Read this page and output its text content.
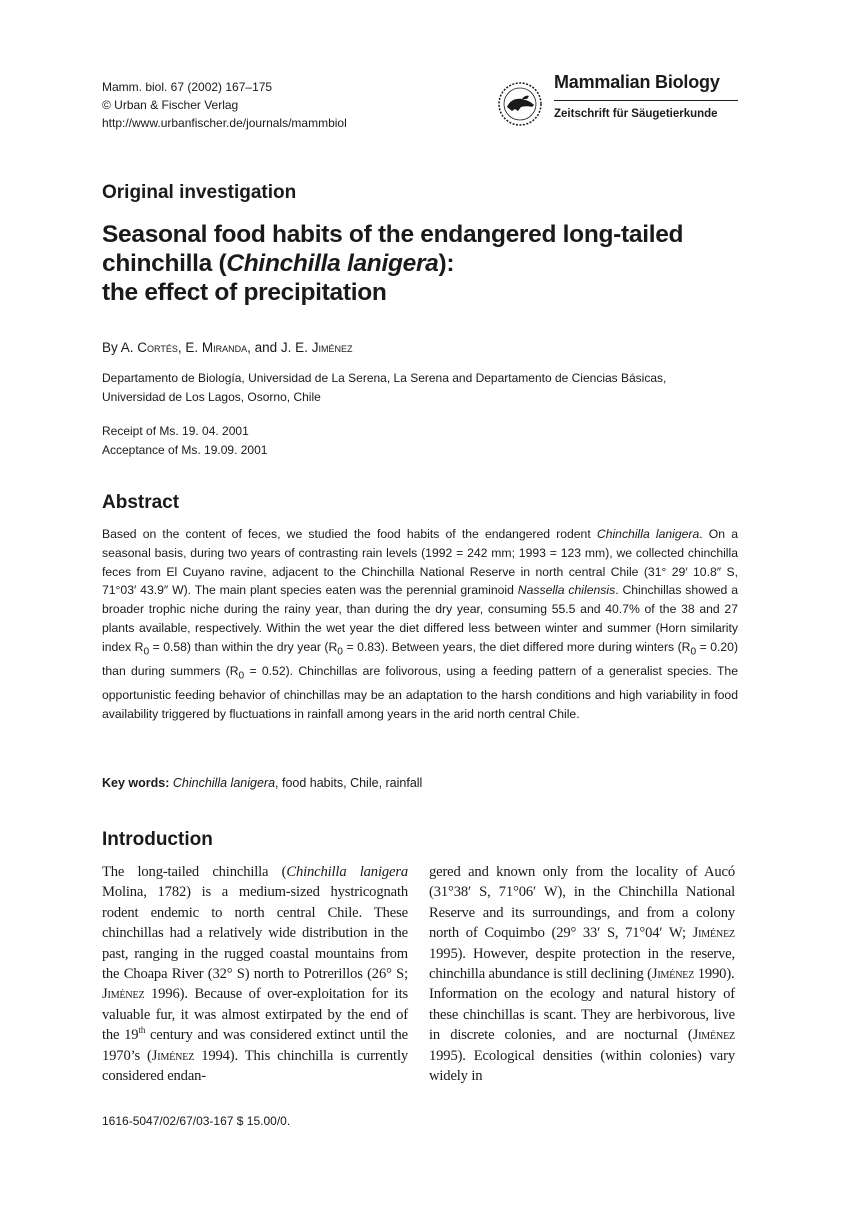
Mamm. biol. 67 (2002) 167–175
© Urban & Fischer Verlag
http://www.urbanfischer.de/journals/mammbiol
Mammalian Biology
Zeitschrift für Säugetierkunde
Original investigation
Seasonal food habits of the endangered long-tailed
chinchilla (Chinchilla lanigera):
the effect of precipitation
By A. Cortés, E. Miranda, and J. E. Jiménez
Departamento de Biología, Universidad de La Serena, La Serena and Departamento de Ciencias Básicas,
Universidad de Los Lagos, Osorno, Chile
Receipt of Ms. 19. 04. 2001
Acceptance of Ms. 19.09. 2001
Abstract
Based on the content of feces, we studied the food habits of the endangered rodent Chinchilla lanigera. On a seasonal basis, during two years of contrasting rain levels (1992 = 242 mm; 1993 = 123 mm), we collected chinchilla feces from El Cuyano ravine, adjacent to the Chinchilla National Reserve in north central Chile (31° 29′ 10.8″ S, 71°03′ 43.9″ W). The main plant species eaten was the perennial graminoid Nassella chilensis. Chinchillas showed a broader trophic niche during the rainy year, than during the dry year, consuming 55.5 and 40.7% of the 38 and 27 plants available, respectively. Within the wet year the diet differed less between winter and summer (Horn similarity index $R_0 = 0.58$) than within the dry year $(R_0 = 0.83)$. Between years, the diet differed more during winters $(R_0 = 0.20)$ than during summers $(R_0 = 0.52)$. Chinchillas are folivorous, using a feeding pattern of a generalist species. The opportunistic feeding behavior of chinchillas may be an adaptation to the harsh conditions and high variability in food availability triggered by fluctuations in rainfall among years in the arid north central Chile.
Key words: Chinchilla lanigera, food habits, Chile, rainfall
Introduction
The long-tailed chinchilla (Chinchilla lanigera Molina, 1782) is a medium-sized hystricognath rodent endemic to north central Chile. These chinchillas had a relatively wide distribution in the past, ranging in the rugged coastal mountains from the Choapa River (32° S) north to Potrerillos (26° S; Jiménez 1996). Because of over-exploitation for its valuable fur, it was almost extirpated by the end of the 19th century and was considered extinct until the 1970’s (Jiménez 1994). This chinchilla is currently considered endan-
gered and known only from the locality of Aucó (31°38′ S, 71°06′ W), in the Chinchilla National Reserve and its surroundings, and from a colony north of Coquimbo (29° 33′ S, 71°04′ W; Jiménez 1995). However, despite protection in the reserve, chinchilla abundance is still declining (Jiménez 1990).
Information on the ecology and natural history of these chinchillas is scant. They are herbivorous, live in discrete colonies, and are nocturnal (Jiménez 1995). Ecological densities (within colonies) vary widely in
1616-5047/02/67/03-167 $ 15.00/0.
